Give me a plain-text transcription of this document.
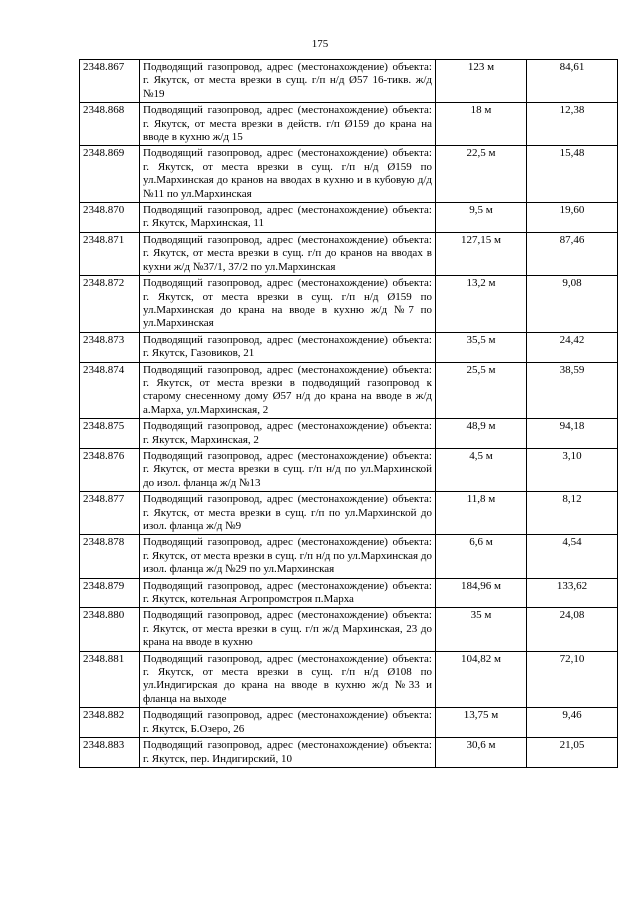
175
2348.867	Подводящий газопровод, адрес (местонахождение) объекта: г. Якутск, от места врезки в сущ. г/п н/д Ø57 16-тикв. ж/д №19	123 м	84,61
2348.868	Подводящий газопровод, адрес (местонахождение) объекта: г. Якутск, от места врезки в действ. г/п Ø159 до крана на вводе в кухню ж/д 15	18 м	12,38
2348.869	Подводящий газопровод, адрес (местонахождение) объекта: г. Якутск, от места врезки в сущ. г/п н/д Ø159 по ул.Мархинская до кранов на вводах в кухню и в кубовую д/д №11 по ул.Мархинская	22,5 м	15,48
2348.870	Подводящий газопровод, адрес (местонахождение) объекта: г. Якутск, Мархинская, 11	9,5 м	19,60
2348.871	Подводящий газопровод, адрес (местонахождение) объекта: г. Якутск, от места врезки в сущ. г/п до кранов на вводах в кухни ж/д №37/1, 37/2 по ул.Мархинская	127,15 м	87,46
2348.872	Подводящий газопровод, адрес (местонахождение) объекта: г. Якутск, от места врезки в сущ. г/п н/д Ø159 по ул.Мархинская до крана на вводе в кухню ж/д №7 по ул.Мархинская	13,2 м	9,08
2348.873	Подводящий газопровод, адрес (местонахождение) объекта: г. Якутск, Газовиков, 21	35,5 м	24,42
2348.874	Подводящий газопровод, адрес (местонахождение) объекта: г. Якутск, от места врезки в подводящий газопровод к старому снесенному дому Ø57 н/д до крана на вводе в ж/д а.Марха, ул.Мархинская, 2	25,5 м	38,59
2348.875	Подводящий газопровод, адрес (местонахождение) объекта: г. Якутск, Мархинская, 2	48,9 м	94,18
2348.876	Подводящий газопровод, адрес (местонахождение) объекта: г. Якутск, от места врезки в сущ. г/п н/д по ул.Мархинской до изол. фланца ж/д №13	4,5 м	3,10
2348.877	Подводящий газопровод, адрес (местонахождение) объекта: г. Якутск, от места врезки в сущ. г/п по ул.Мархинской до изол. фланца ж/д №9	11,8 м	8,12
2348.878	Подводящий газопровод, адрес (местонахождение) объекта: г. Якутск, от места врезки в сущ. г/п н/д по ул.Мархинская до изол. фланца ж/д №29 по ул.Мархинская	6,6 м	4,54
2348.879	Подводящий газопровод, адрес (местонахождение) объекта: г. Якутск, котельная Агропромстроя п.Марха	184,96 м	133,62
2348.880	Подводящий газопровод, адрес (местонахождение) объекта: г. Якутск, от места врезки в сущ. г/п ж/д Мархинская, 23 до крана на вводе в кухню	35 м	24,08
2348.881	Подводящий газопровод, адрес (местонахождение) объекта: г. Якутск, от места врезки в сущ. г/п н/д Ø108 по ул.Индигирская до крана на вводе в кухню ж/д №33 и фланца на выходе	104,82 м	72,10
2348.882	Подводящий газопровод, адрес (местонахождение) объекта: г. Якутск, Б.Озеро, 26	13,75 м	9,46
2348.883	Подводящий газопровод, адрес (местонахождение) объекта: г. Якутск, пер. Индигирский, 10	30,6 м	21,05
